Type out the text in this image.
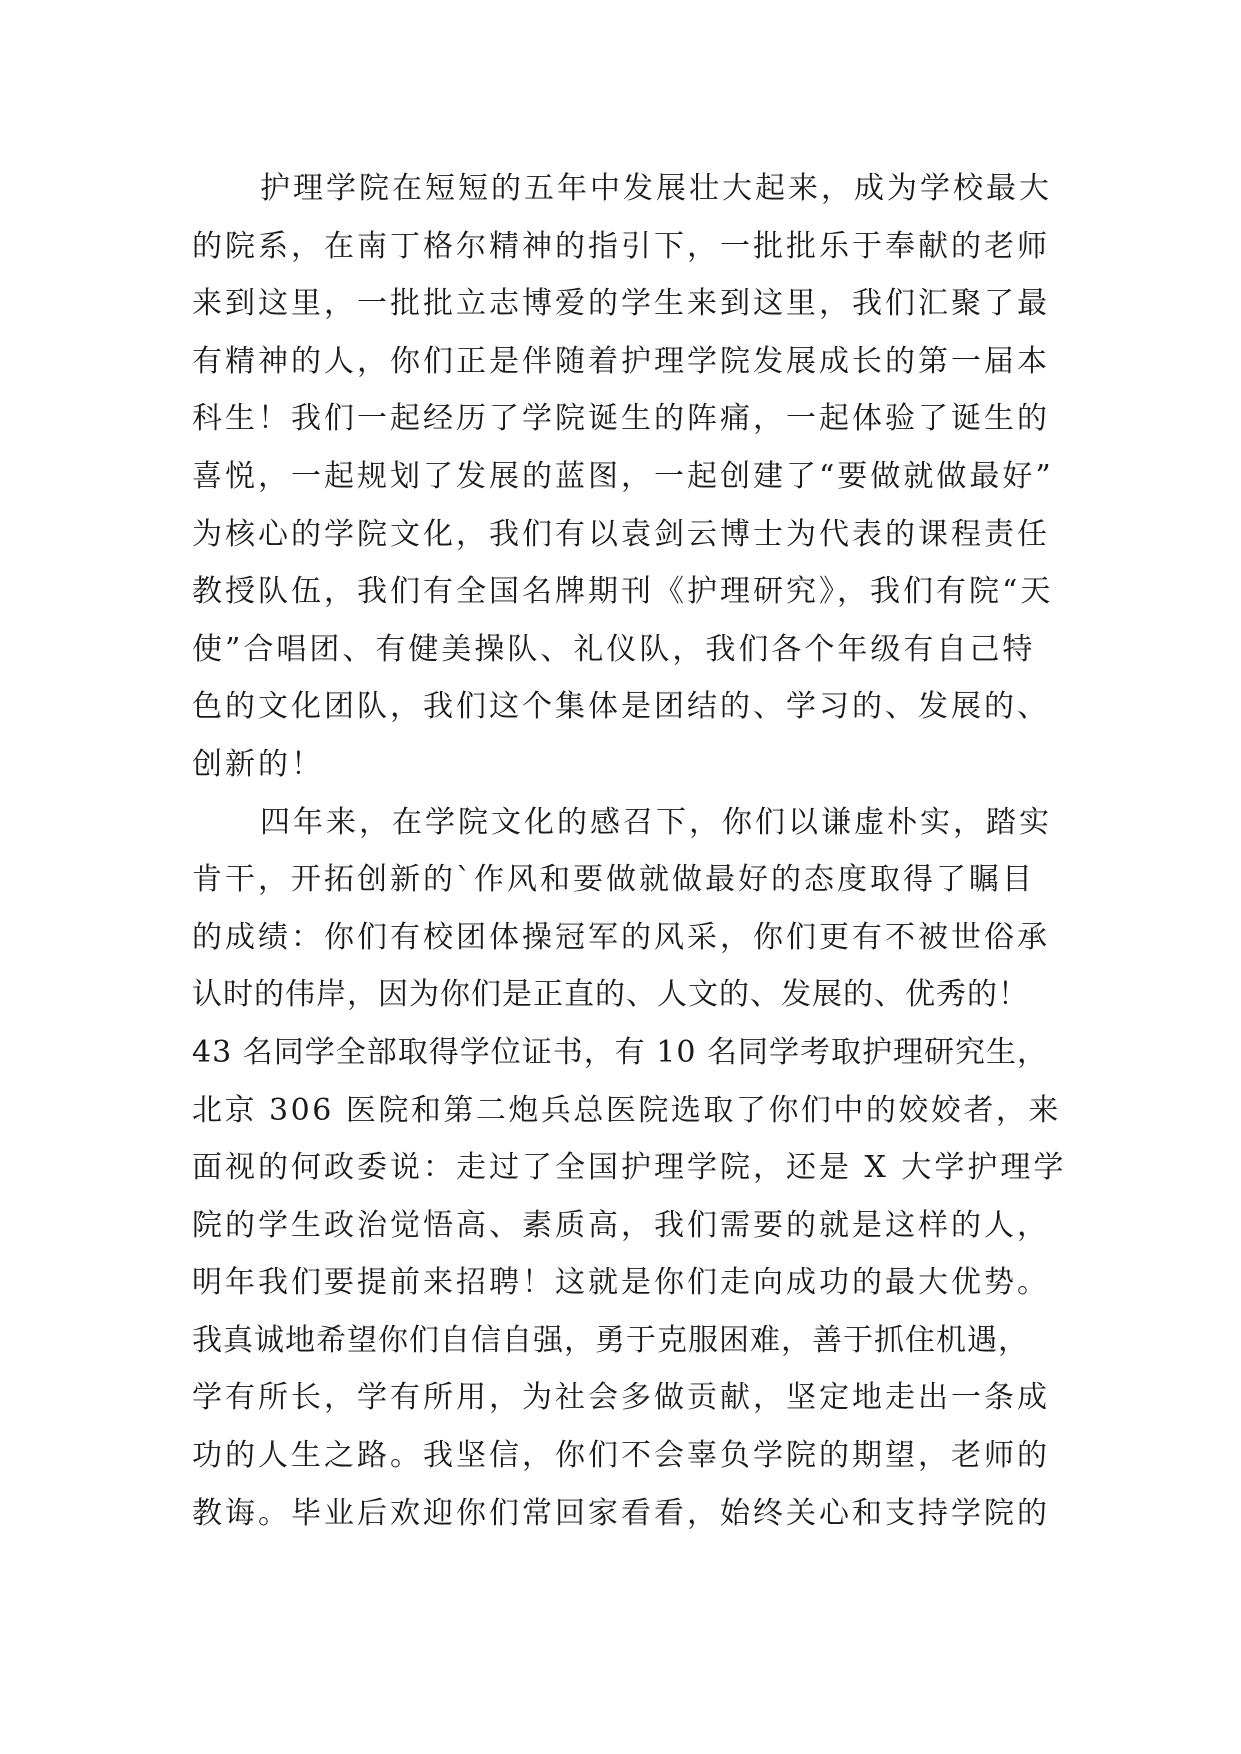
护理学院在短短的五年中发展壮大起来，成为学校最大
的院系，在南丁格尔精神的指引下，一批批乐于奉献的老师
来到这里，一批批立志博爱的学生来到这里，我们汇聚了最
有精神的人，你们正是伴随着护理学院发展成长的第一届本
科生！我们一起经历了学院诞生的阵痛，一起体验了诞生的
喜悦，一起规划了发展的蓝图，一起创建了“要做就做最好”
为核心的学院文化，我们有以袁剑云博士为代表的课程责任
教授队伍，我们有全国名牌期刊《护理研究》，我们有院“天
使”合唱团、有健美操队、礼仪队，我们各个年级有自己特
色的文化团队，我们这个集体是团结的、学习的、发展的、
创新的！
四年来，在学院文化的感召下，你们以谦虚朴实，踏实
肯干，开拓创新的`作风和要做就做最好的态度取得了瞩目
的成绩：你们有校团体操冠军的风采，你们更有不被世俗承
认时的伟岸，因为你们是正直的、人文的、发展的、优秀的！
43 名同学全部取得学位证书，有 10 名同学考取护理研究生，
北京 306 医院和第二炮兵总医院选取了你们中的姣姣者，来
面视的何政委说：走过了全国护理学院，还是 X 大学护理学
院的学生政治觉悟高、素质高，我们需要的就是这样的人，
明年我们要提前来招聘！这就是你们走向成功的最大优势。
我真诚地希望你们自信自强，勇于克服困难，善于抓住机遇，
学有所长，学有所用，为社会多做贡献，坚定地走出一条成
功的人生之路。我坚信，你们不会辜负学院的期望，老师的
教诲。毕业后欢迎你们常回家看看，始终关心和支持学院的
